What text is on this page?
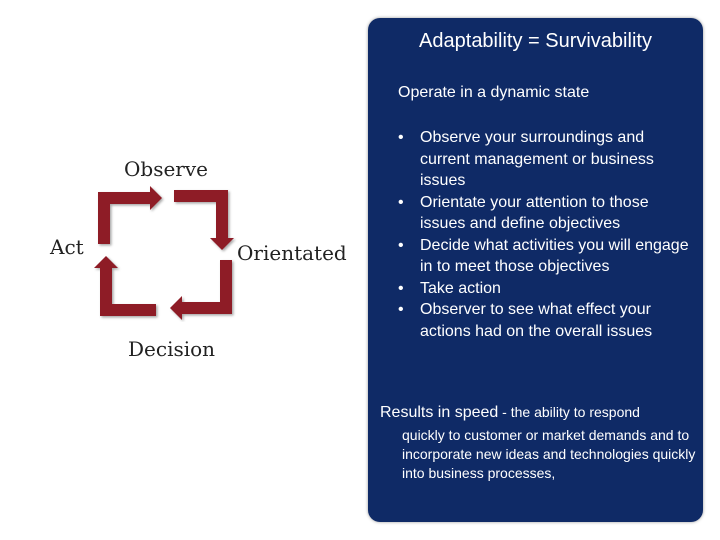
Observe
Act	Orientated
Decision
Adaptability = Survivability
Operate in a dynamic state
• Observe your surroundings and current management or business issues
• Orientate your attention to those issues and define objectives
• Decide what activities you will engage in to meet those objectives
• Take action
• Observer to see what effect your actions had on the overall issues
Results in speed - the ability to respond
quickly to customer or market demands and to incorporate new ideas and technologies quickly into business processes,
